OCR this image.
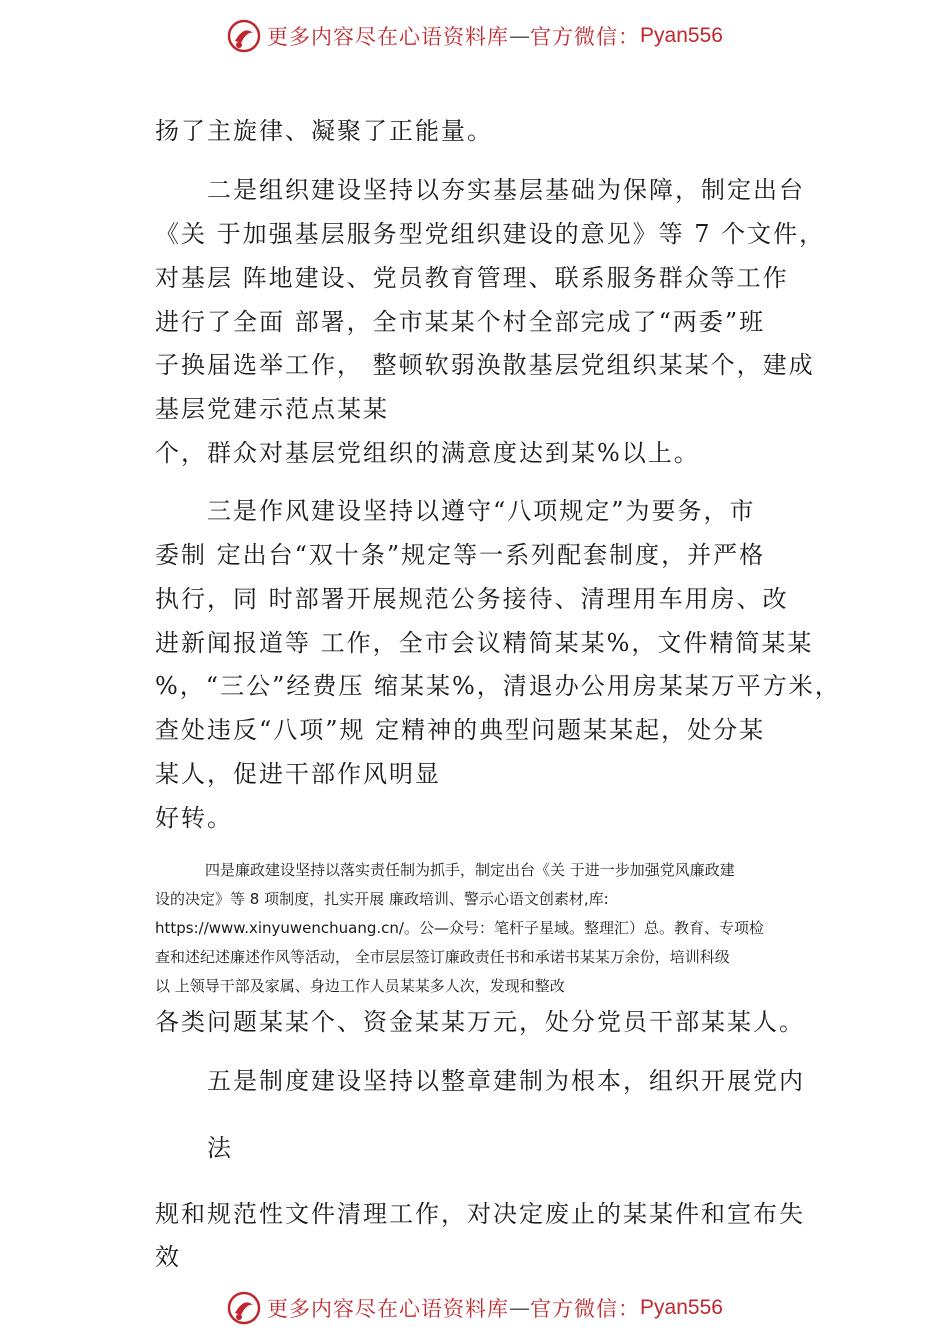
更多内容尽在心语资料库 — 官方微信： Pyan556
扬了主旋律、凝聚了正能量。
二是组织建设坚持以夯实基层基础为保障，制定出台
《关 于加强基层服务型党组织建设的意见》等 7 个文件，
对基层 阵地建设、党员教育管理、联系服务群众等工作
进行了全面 部署，全市某某个村全部完成了“两委”班
子换届选举工作， 整顿软弱涣散基层党组织某某个，建成
基层党建示范点某某
个，群众对基层党组织的满意度达到某%以上。
三是作风建设坚持以遵守“八项规定”为要务，市
委制 定出台“双十条”规定等一系列配套制度，并严格
执行，同 时部署开展规范公务接待、清理用车用房、改
进新闻报道等 工作，全市会议精简某某%，文件精简某某
%，“三公”经费压 缩某某%，清退办公用房某某万平方米，
查处违反“八项”规 定精神的典型问题某某起，处分某
某人，促进干部作风明显
好转。
四是廉政建设坚持以落实责任制为抓手，制定出台《关 于进一步加强党风廉政建
设的决定》等 8 项制度，扎实开展 廉政培训、警示心语文创素材,库:
https://www.xinyuwenchuang.cn/。公—众号：笔杆子星域。整理汇）总。教育、专项检
查和述纪述廉述作风等活动， 全市层层签订廉政责任书和承诺书某某万余份，培训科级
以 上领导干部及家属、身边工作人员某某多人次，发现和整改
各类问题某某个、资金某某万元，处分党员干部某某人。
五是制度建设坚持以整章建制为根本，组织开展党内
法
规和规范性文件清理工作，对决定废止的某某件和宣布失
效
更多内容尽在心语资料库 — 官方微信： Pyan556
